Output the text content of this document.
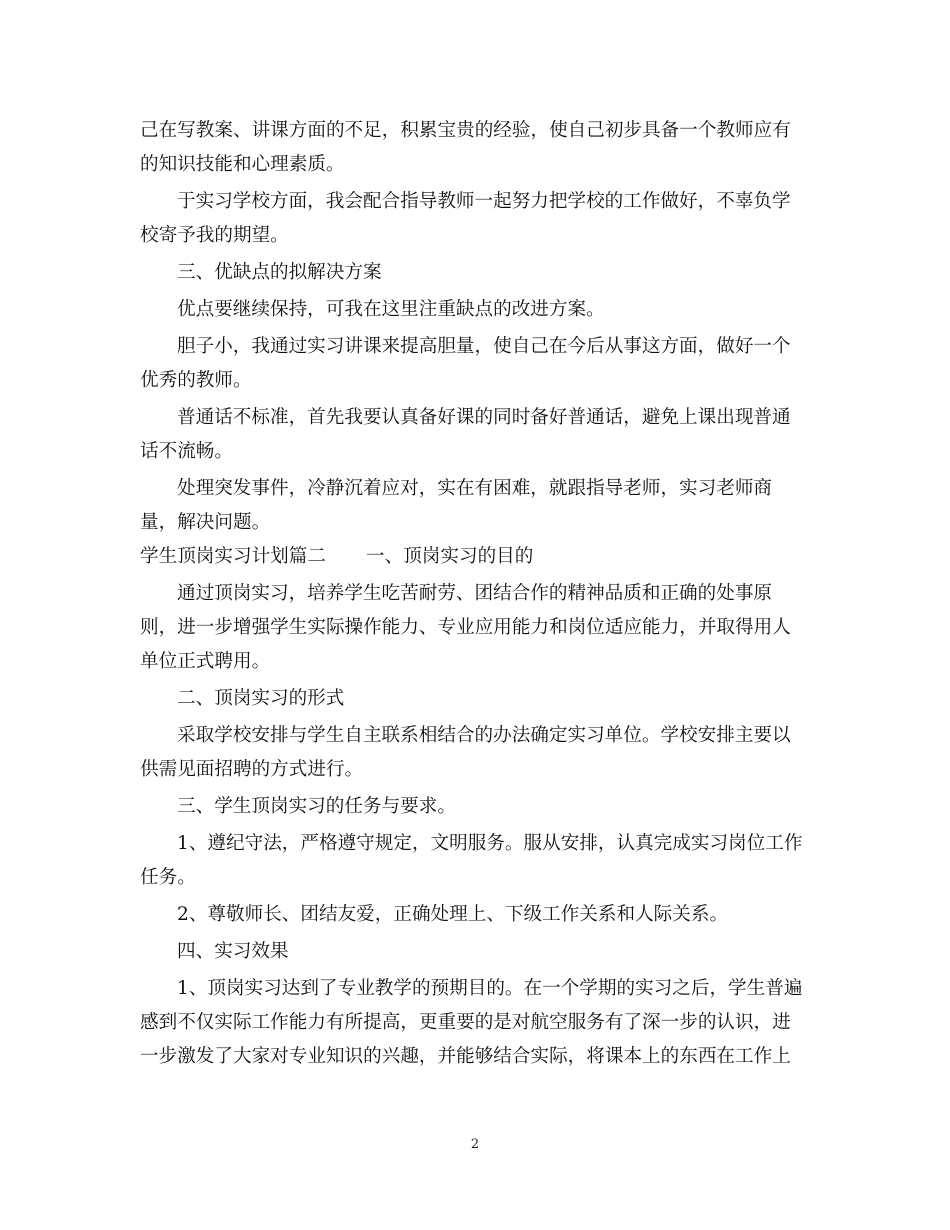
己在写教案、讲课方面的不足，积累宝贵的经验，使自己初步具备一个教师应有
的知识技能和心理素质。
于实习学校方面，我会配合指导教师一起努力把学校的工作做好，不辜负学
校寄予我的期望。
三、优缺点的拟解决方案
优点要继续保持，可我在这里注重缺点的改进方案。
胆子小，我通过实习讲课来提高胆量，使自己在今后从事这方面，做好一个
优秀的教师。
普通话不标准，首先我要认真备好课的同时备好普通话，避免上课出现普通
话不流畅。
处理突发事件，冷静沉着应对，实在有困难，就跟指导老师，实习老师商
量，解决问题。
学生顶岗实习计划篇二 一、顶岗实习的目的
通过顶岗实习，培养学生吃苦耐劳、团结合作的精神品质和正确的处事原
则，进一步增强学生实际操作能力、专业应用能力和岗位适应能力，并取得用人
单位正式聘用。
二、顶岗实习的形式
采取学校安排与学生自主联系相结合的办法确定实习单位。学校安排主要以
供需见面招聘的方式进行。
三、学生顶岗实习的任务与要求。
1、遵纪守法，严格遵守规定，文明服务。服从安排，认真完成实习岗位工作
任务。
2、尊敬师长、团结友爱，正确处理上、下级工作关系和人际关系。
四、实习效果
1、顶岗实习达到了专业教学的预期目的。在一个学期的实习之后，学生普遍
感到不仅实际工作能力有所提高，更重要的是对航空服务有了深一步的认识，进
一步激发了大家对专业知识的兴趣，并能够结合实际，将课本上的东西在工作上
2
